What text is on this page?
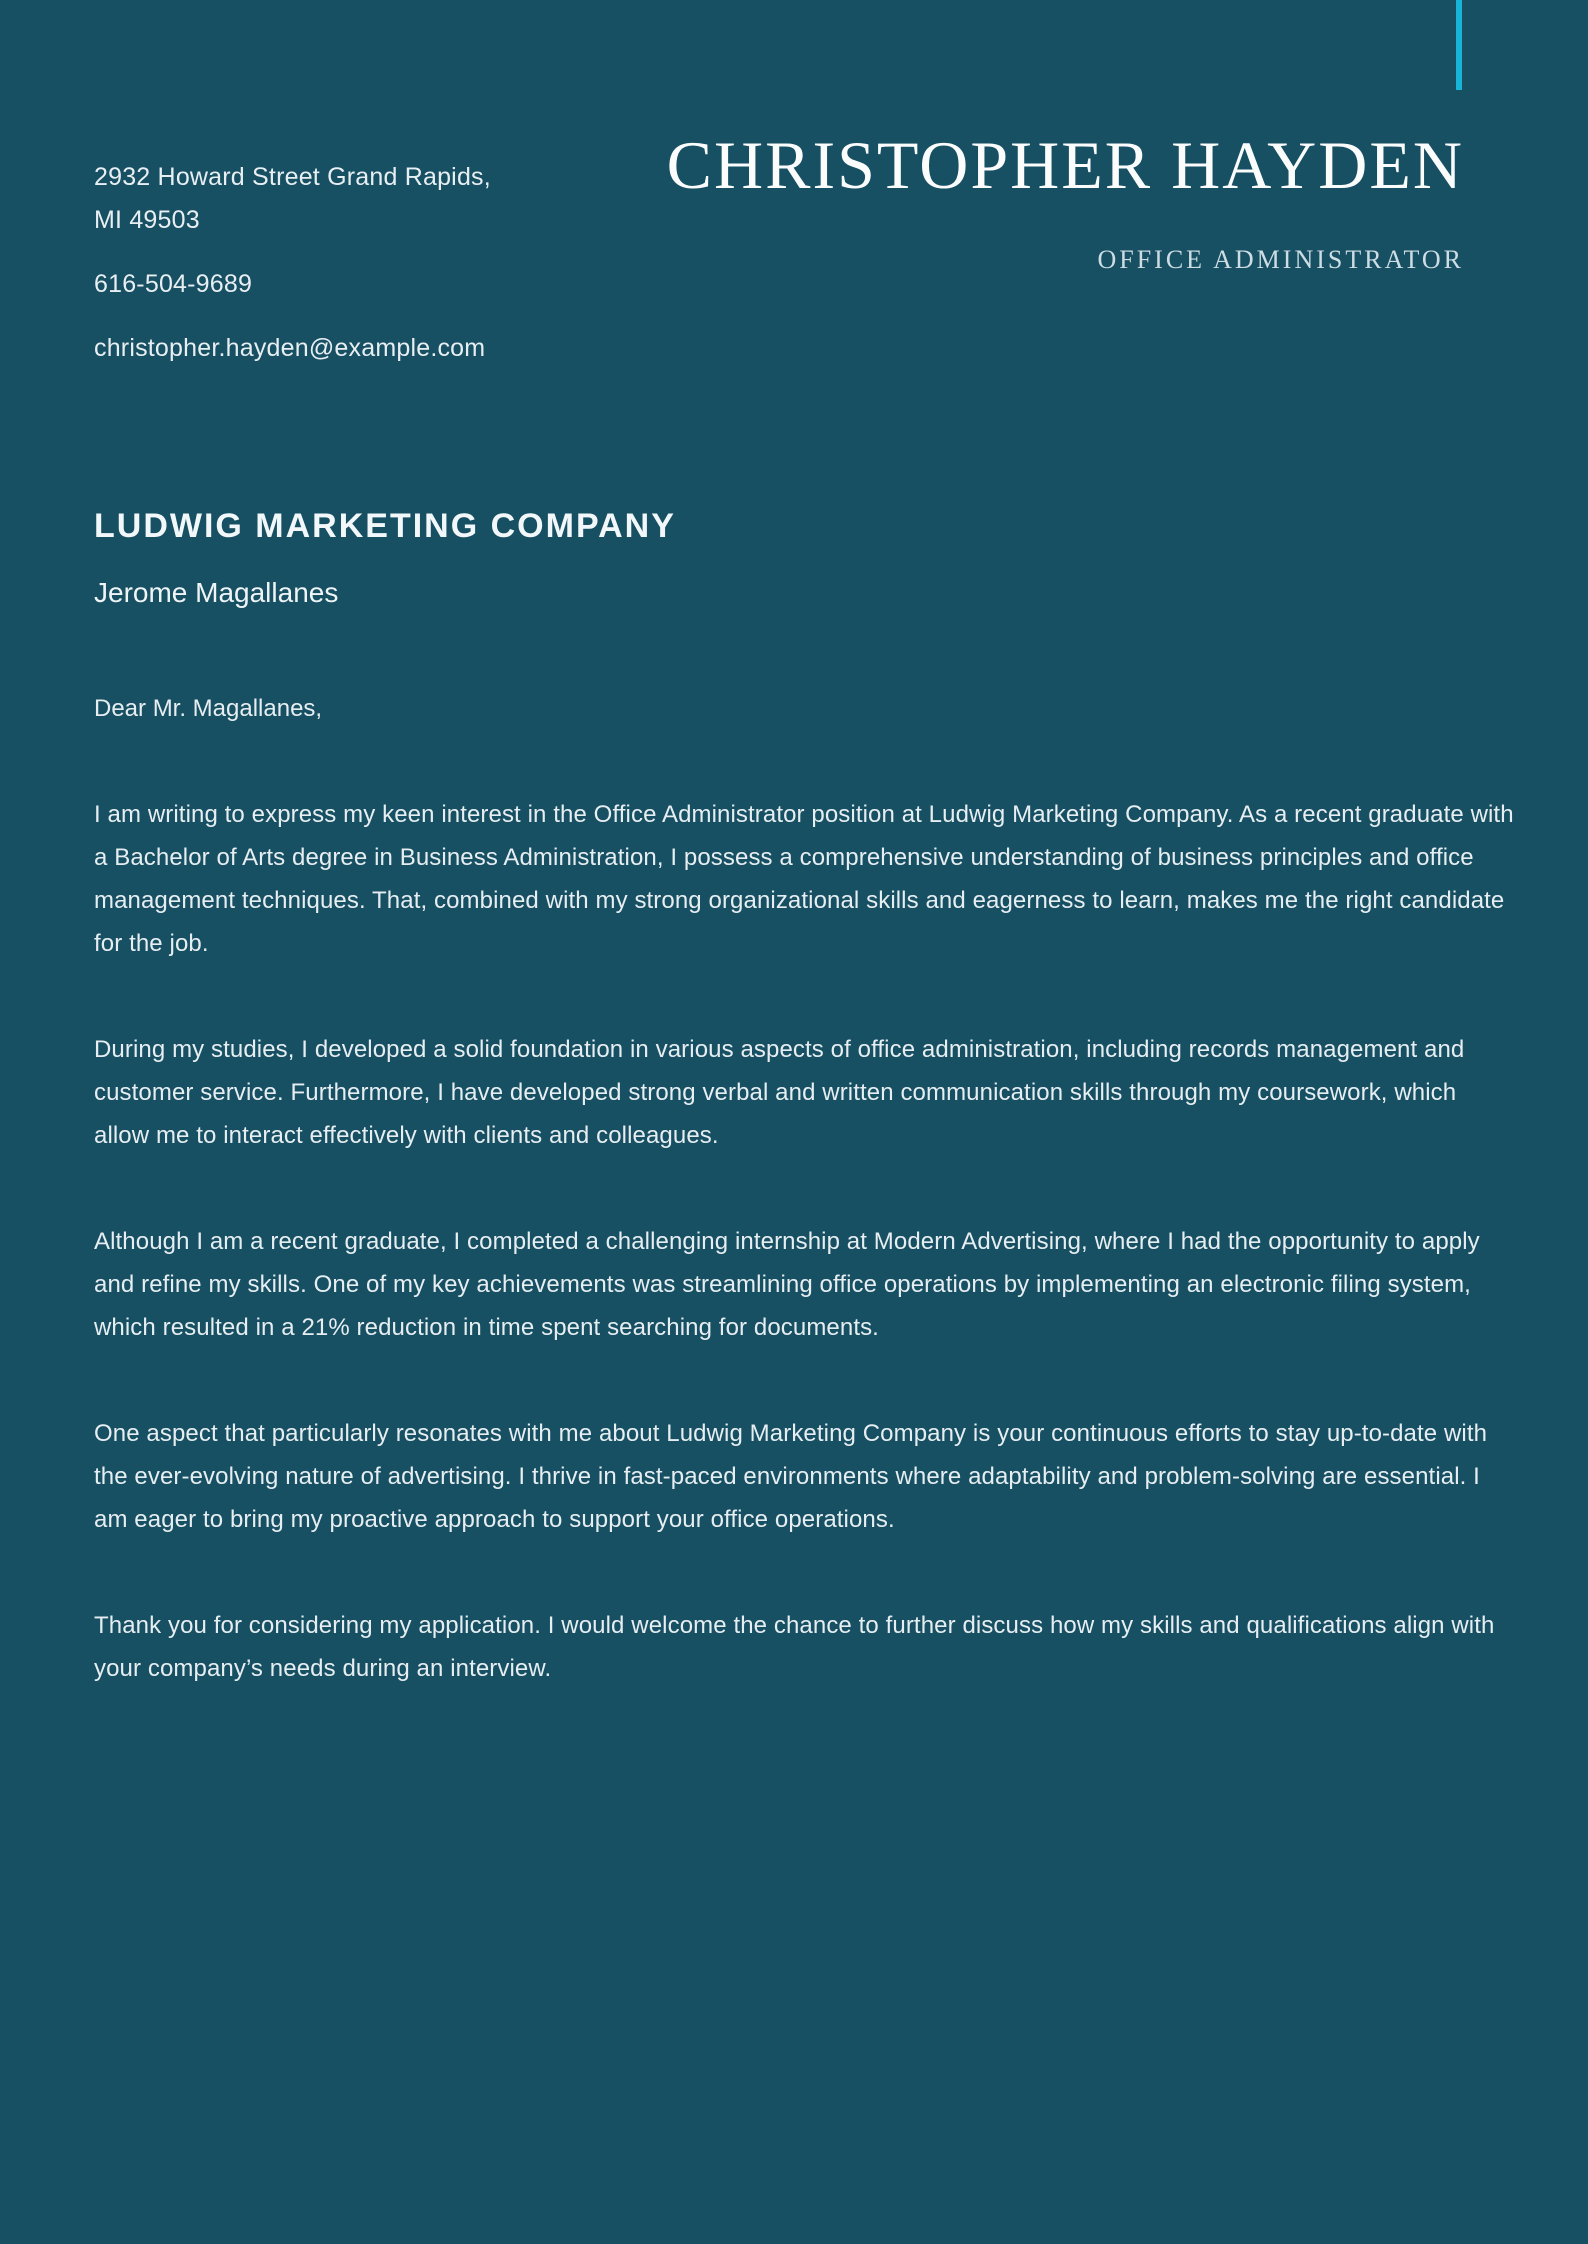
2932 Howard Street Grand Rapids,
MI 49503
616-504-9689
christopher.hayden@example.com
CHRISTOPHER HAYDEN
OFFICE ADMINISTRATOR
LUDWIG MARKETING COMPANY
Jerome Magallanes

Dear Mr. Magallanes,

I am writing to express my keen interest in the Office Administrator position at Ludwig Marketing Company. As a recent graduate with a Bachelor of Arts degree in Business Administration, I possess a comprehensive understanding of business principles and office management techniques. That, combined with my strong organizational skills and eagerness to learn, makes me the right candidate for the job.

During my studies, I developed a solid foundation in various aspects of office administration, including records management and customer service. Furthermore, I have developed strong verbal and written communication skills through my coursework, which allow me to interact effectively with clients and colleagues.

Although I am a recent graduate, I completed a challenging internship at Modern Advertising, where I had the opportunity to apply and refine my skills. One of my key achievements was streamlining office operations by implementing an electronic filing system, which resulted in a 21% reduction in time spent searching for documents.

One aspect that particularly resonates with me about Ludwig Marketing Company is your continuous efforts to stay up-to-date with the ever-evolving nature of advertising. I thrive in fast-paced environments where adaptability and problem-solving are essential. I am eager to bring my proactive approach to support your office operations.

Thank you for considering my application. I would welcome the chance to further discuss how my skills and qualifications align with your company’s needs during an interview.
